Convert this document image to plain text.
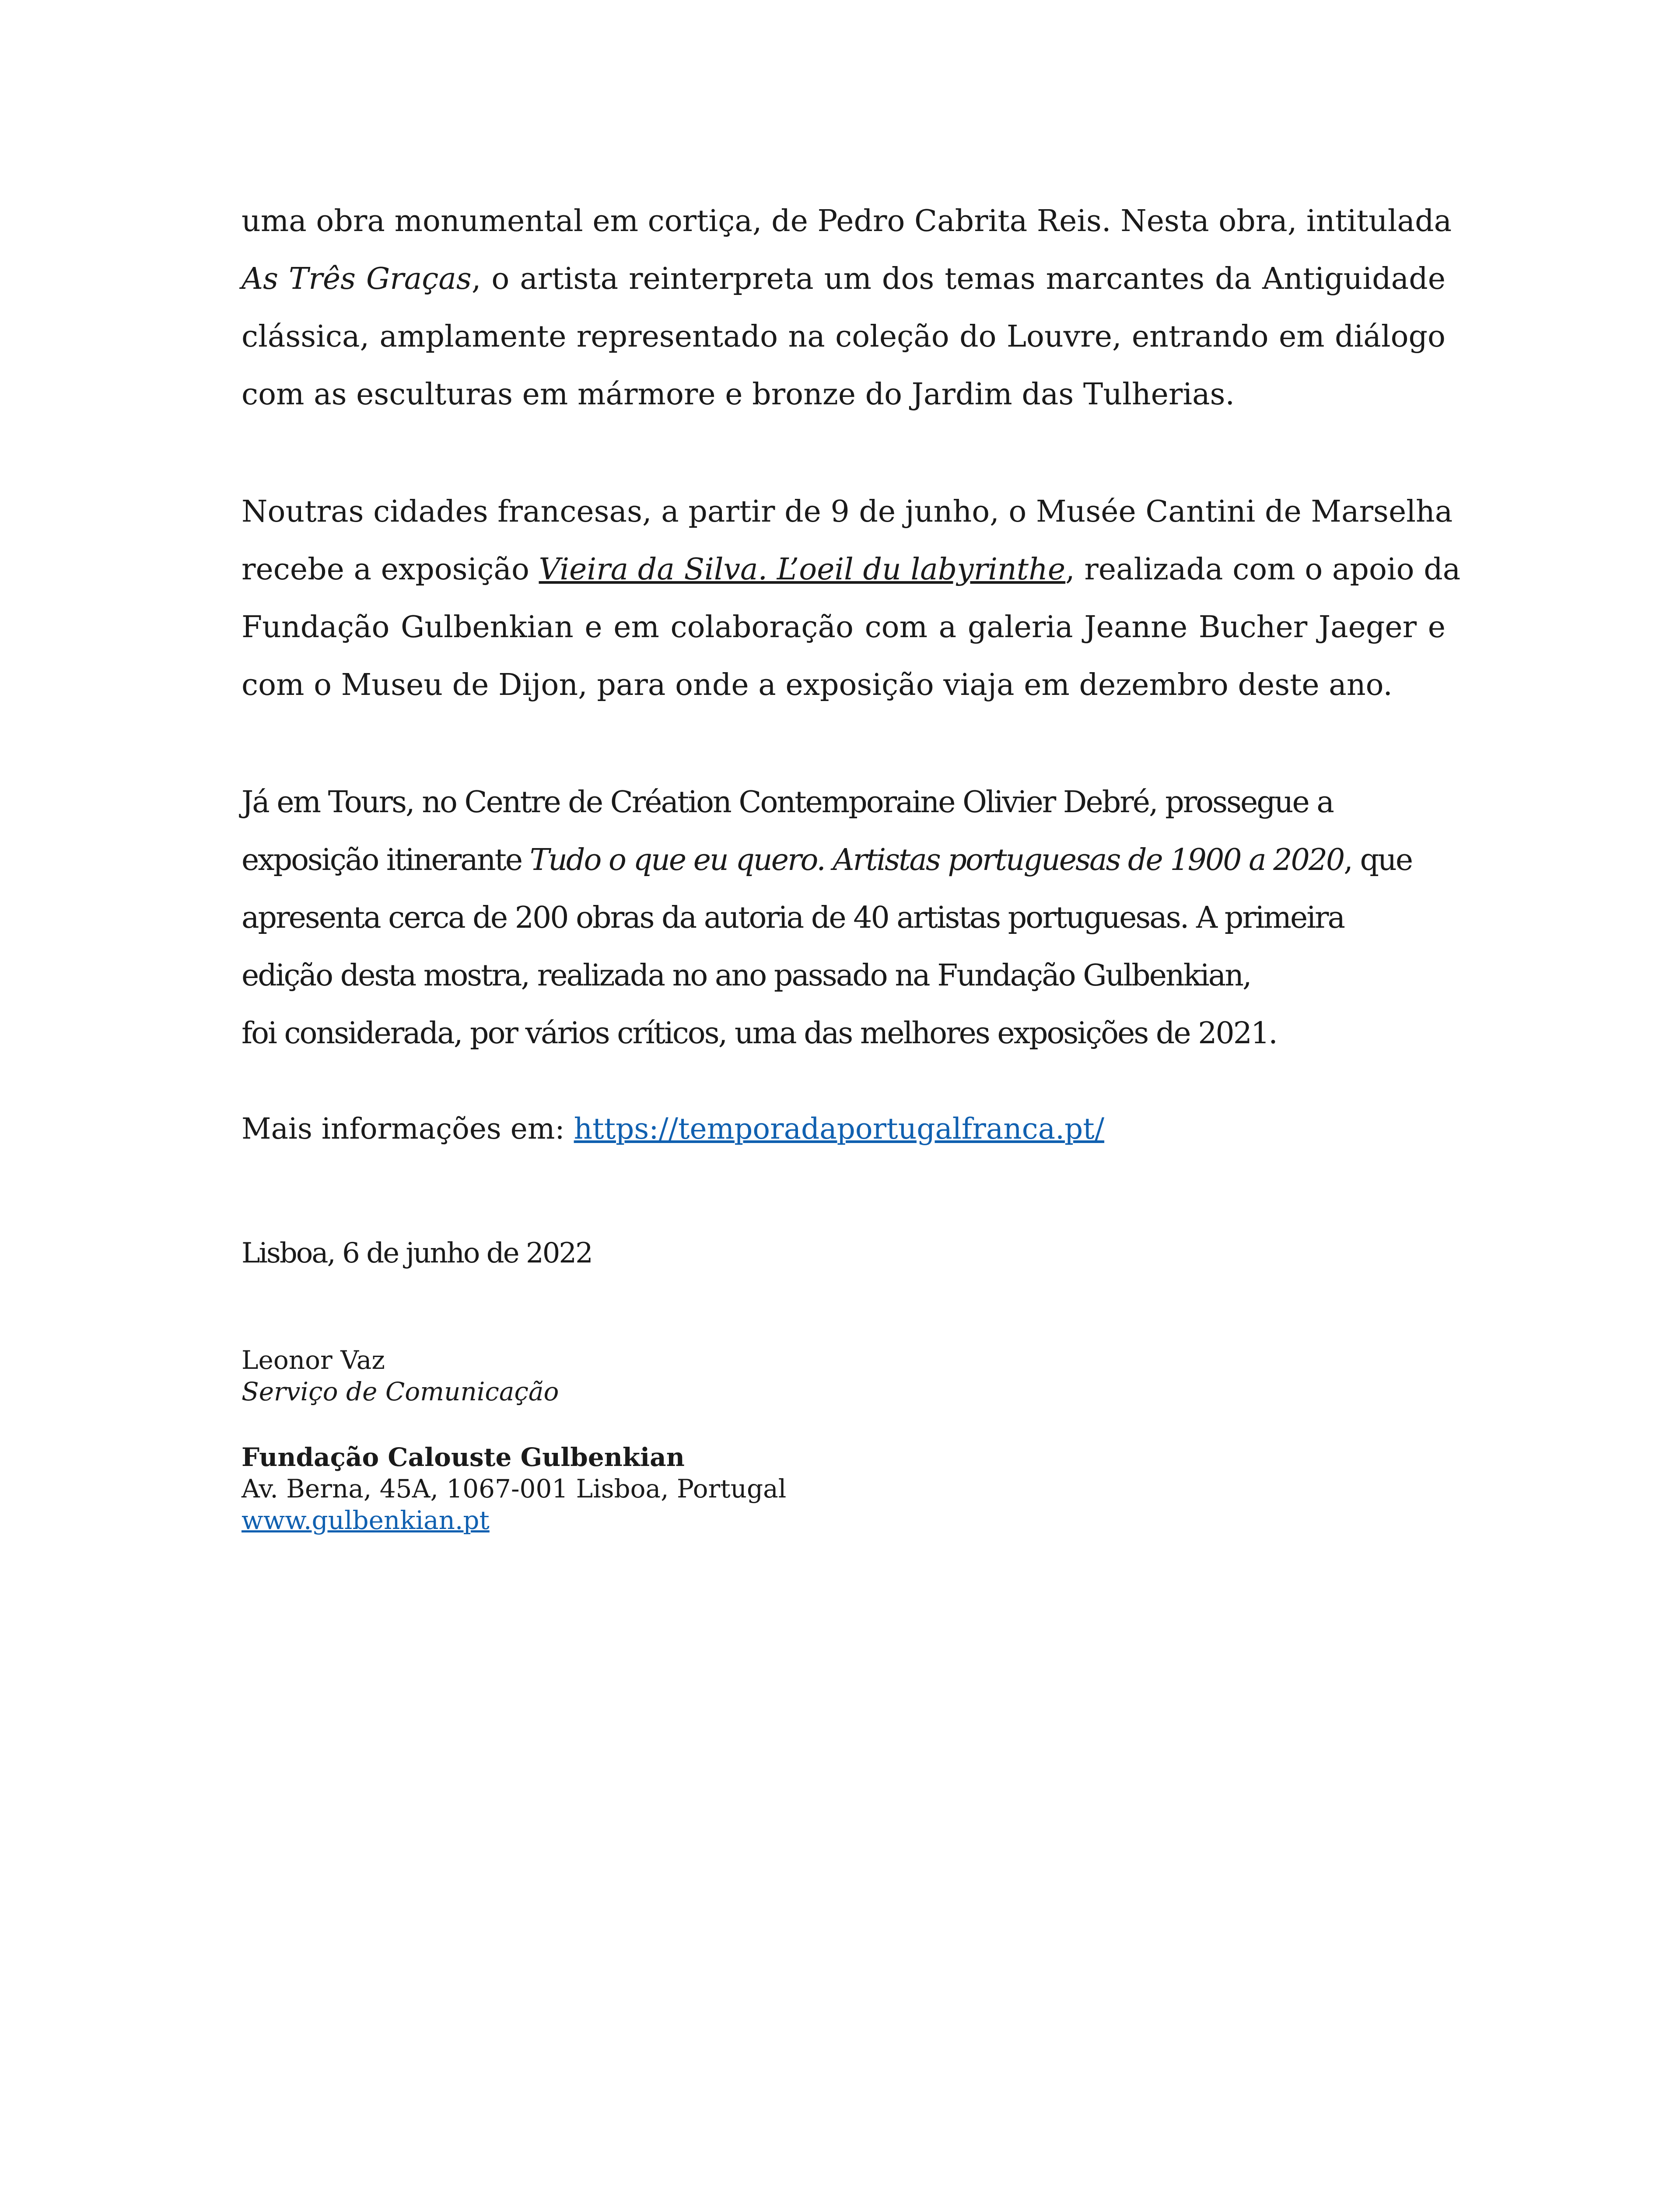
uma obra monumental em cortiça, de Pedro Cabrita Reis. Nesta obra, intitulada
As Três Graças, o artista reinterpreta um dos temas marcantes da Antiguidade
clássica, amplamente representado na coleção do Louvre, entrando em diálogo
com as esculturas em mármore e bronze do Jardim das Tulherias.

Noutras cidades francesas, a partir de 9 de junho, o Musée Cantini de Marselha
recebe a exposição Vieira da Silva. L’oeil du labyrinthe, realizada com o apoio da
Fundação Gulbenkian e em colaboração com a galeria Jeanne Bucher Jaeger e
com o Museu de Dijon, para onde a exposição viaja em dezembro deste ano.

Já em Tours, no Centre de Création Contemporaine Olivier Debré, prossegue a
exposição itinerante Tudo o que eu quero. Artistas portuguesas de 1900 a 2020, que
apresenta cerca de 200 obras da autoria de 40 artistas portuguesas. A primeira
edição desta mostra, realizada no ano passado na Fundação Gulbenkian,
foi considerada, por vários críticos, uma das melhores exposições de 2021.

Mais informações em: https://temporadaportugalfranca.pt/

Lisboa, 6 de junho de 2022

Leonor Vaz
Serviço de Comunicação
Fundação Calouste Gulbenkian
Av. Berna, 45A, 1067-001 Lisboa, Portugal
www.gulbenkian.pt
